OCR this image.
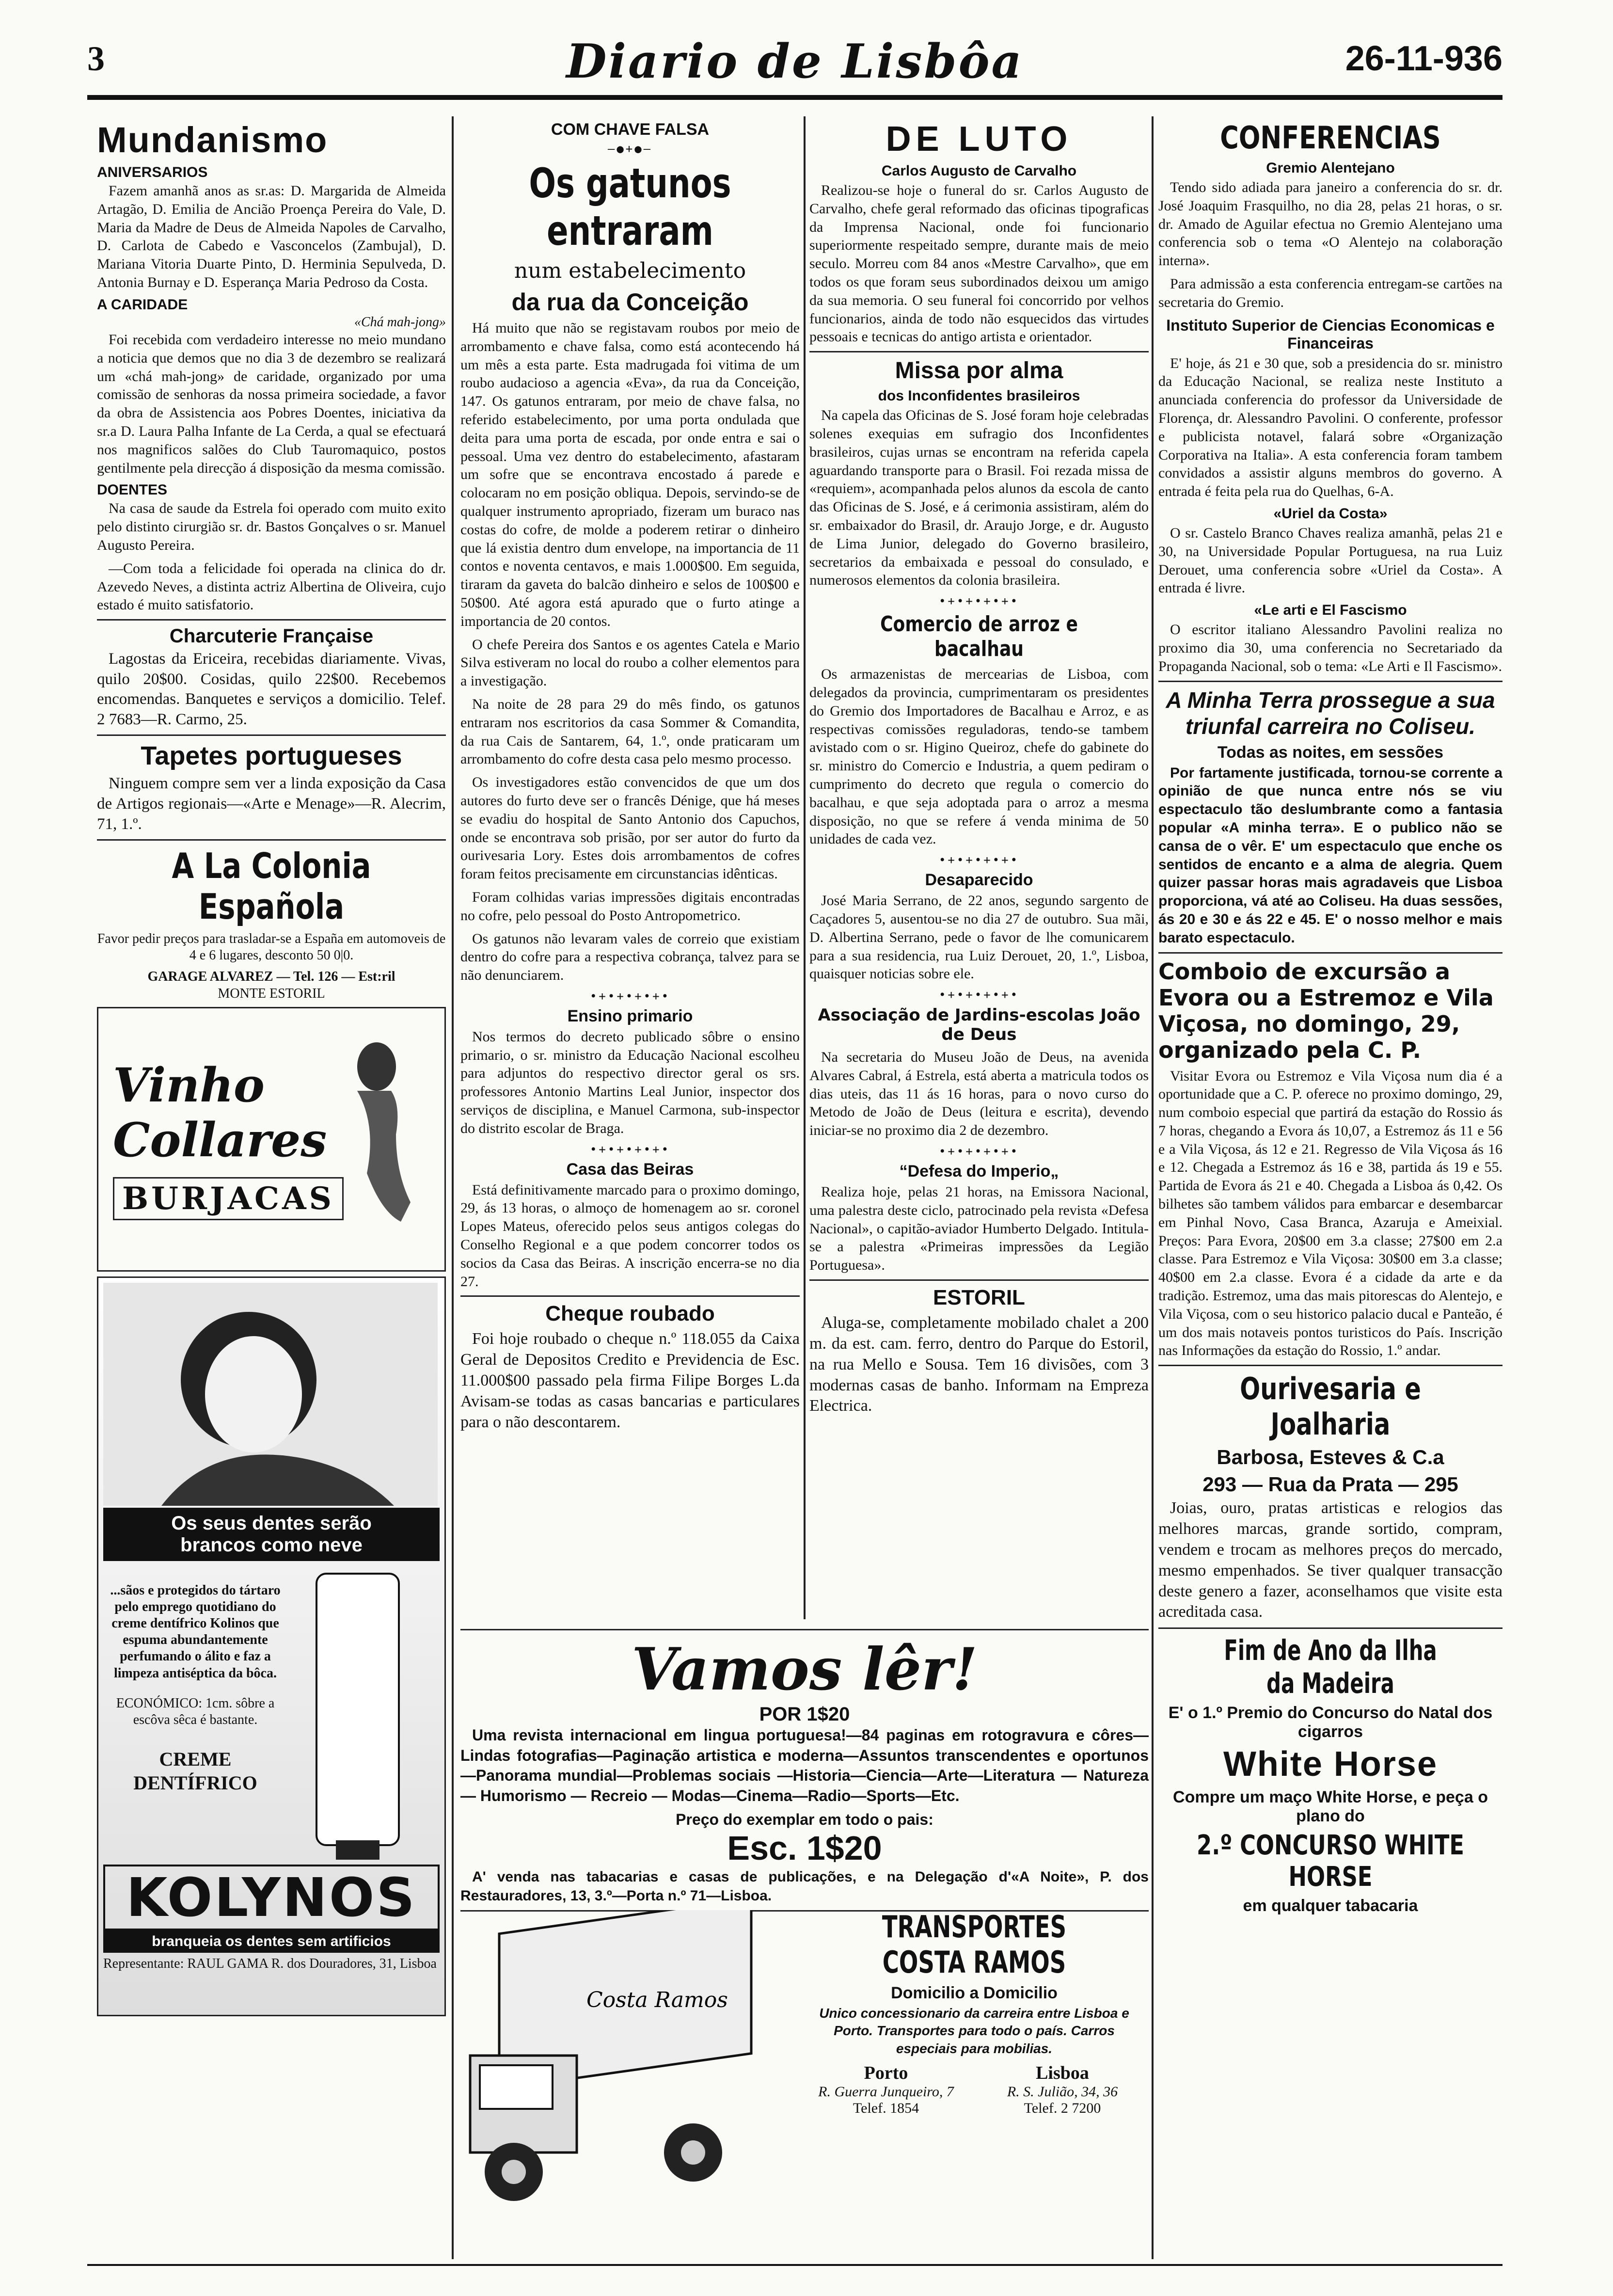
3	Diario de Lisbôa	26-11-936
Mundanismo
ANIVERSARIOS

Fazem amanhã anos as sr.as: D. Margarida de Almeida Artagão, D. Emilia de Ancião Proença Pereira do Vale, D. Maria da Madre de Deus de Almeida Napoles de Carvalho, D. Carlota de Cabedo e Vasconcelos (Zambujal), D. Mariana Vitoria Duarte Pinto, D. Herminia Sepulveda, D. Antonia Burnay e D. Esperança Maria Pedroso da Costa.

A CARIDADE
«Chá mah-jong»

Foi recebida com verdadeiro interesse no meio mundano a noticia que demos que no dia 3 de dezembro se realizará um «chá mah-jong» de caridade, organizado por uma comissão de senhoras da nossa primeira sociedade, a favor da obra de Assistencia aos Pobres Doentes, iniciativa da sr.a D. Laura Palha Infante de La Cerda, a qual se efectuará nos magnificos salões do Club Tauromaquico, postos gentilmente pela direcção á disposição da mesma comissão.

DOENTES

Na casa de saude da Estrela foi operado com muito exito pelo distinto cirurgião sr. dr. Bastos Gonçalves o sr. Manuel Augusto Pereira.

—Com toda a felicidade foi operada na clinica do dr. Azevedo Neves, a distinta actriz Albertina de Oliveira, cujo estado é muito satisfatorio.

Charcuterie Française

Lagostas da Ericeira, recebidas diariamente. Vivas, quilo 20$00. Cosidas, quilo 22$00. Recebemos encomendas. Banquetes e serviços a domicilio. Telef. 2 7683—R. Carmo, 25.

Tapetes portugueses

Ninguem compre sem ver a linda exposição da Casa de Artigos regionais—«Arte e Menage»—R. Alecrim, 71, 1.º.

A La Colonia Española

Favor pedir preços para trasladar-se a España em automoveis de 4 e 6 lugares, desconto 50 0|0.

GARAGE ALVAREZ — Tel. 126 — Est:ril
MONTE ESTORIL
Vinho
Collares
BURJACAS
Os seus dentes serão
brancos como neve

...sãos e protegidos do tártaro pelo emprego quotidiano do creme dentífrico Kolinos que espuma abundantemente perfumando o álito e faz a limpeza antiséptica da bôca.

ECONÓMICO: 1cm. sôbre a escôva sêca é bastante.

CREME DENTÍFRICO

KOLYNOS
branqueia os dentes sem artificios
Representante: RAUL GAMA R. dos Douradores, 31, Lisboa
COM CHAVE FALSA
—●+●—
Os gatunos entraram
num estabelecimento
da rua da Conceição

Há muito que não se registavam roubos por meio de arrombamento e chave falsa, como está acontecendo há um mês a esta parte. Esta madrugada foi vitima de um roubo audacioso a agencia «Eva», da rua da Conceição, 147. Os gatunos entraram, por meio de chave falsa, no referido estabelecimento, por uma porta ondulada que deita para uma porta de escada, por onde entra e sai o pessoal. Uma vez dentro do estabelecimento, afastaram um sofre que se encontrava encostado á parede e colocaram no em posição obliqua. Depois, servindo-se de qualquer instrumento apropriado, fizeram um buraco nas costas do cofre, de molde a poderem retirar o dinheiro que lá existia dentro dum envelope, na importancia de 11 contos e noventa centavos, e mais 1.000$00. Em seguida, tiraram da gaveta do balcão dinheiro e selos de 100$00 e 50$00. Até agora está apurado que o furto atinge a importancia de 20 contos.

O chefe Pereira dos Santos e os agentes Catela e Mario Silva estiveram no local do roubo a colher elementos para a investigação.

Na noite de 28 para 29 do mês findo, os gatunos entraram nos escritorios da casa Sommer & Comandita, da rua Cais de Santarem, 64, 1.º, onde praticaram um arrombamento do cofre desta casa pelo mesmo processo.

Os investigadores estão convencidos de que um dos autores do furto deve ser o francês Dénige, que há meses se evadiu do hospital de Santo Antonio dos Capuchos, onde se encontrava sob prisão, por ser autor do furto da ourivesaria Lory. Estes dois arrombamentos de cofres foram feitos precisamente em circunstancias idênticas.

Foram colhidas varias impressões digitais encontradas no cofre, pelo pessoal do Posto Antropometrico.

Os gatunos não levaram vales de correio que existiam dentro do cofre para a respectiva cobrança, talvez para se não denunciarem.

•+•+•+•+•
Ensino primario

Nos termos do decreto publicado sôbre o ensino primario, o sr. ministro da Educação Nacional escolheu para adjuntos do respectivo director geral os srs. professores Antonio Martins Leal Junior, inspector dos serviços de disciplina, e Manuel Carmona, sub-inspector do distrito escolar de Braga.

•+•+•+•+•
Casa das Beiras

Está definitivamente marcado para o proximo domingo, 29, ás 13 horas, o almoço de homenagem ao sr. coronel Lopes Mateus, oferecido pelos seus antigos colegas do Conselho Regional e a que podem concorrer todos os socios da Casa das Beiras. A inscrição encerra-se no dia 27.

Cheque roubado

Foi hoje roubado o cheque n.º 118.055 da Caixa Geral de Depositos Credito e Previdencia de Esc. 11.000$00 passado pela firma Filipe Borges L.da Avisam-se todas as casas bancarias e particulares para o não descontarem.

DE LUTO
Carlos Augusto de Carvalho

Realizou-se hoje o funeral do sr. Carlos Augusto de Carvalho, chefe geral reformado das oficinas tipograficas da Imprensa Nacional, onde foi funcionario superiormente respeitado sempre, durante mais de meio seculo. Morreu com 84 anos «Mestre Carvalho», que em todos os que foram seus subordinados deixou um amigo da sua memoria. O seu funeral foi concorrido por velhos funcionarios, ainda de todo não esquecidos das virtudes pessoais e tecnicas do antigo artista e orientador.

Missa por alma
dos Inconfidentes brasileiros

Na capela das Oficinas de S. José foram hoje celebradas solenes exequias em sufragio dos Inconfidentes brasileiros, cujas urnas se encontram na referida capela aguardando transporte para o Brasil. Foi rezada missa de «requiem», acompanhada pelos alunos da escola de canto das Oficinas de S. José, e á cerimonia assistiram, além do sr. embaixador do Brasil, dr. Araujo Jorge, e dr. Augusto de Lima Junior, delegado do Governo brasileiro, secretarios da embaixada e pessoal do consulado, e numerosos elementos da colonia brasileira.

•+•+•+•+•
Comercio de arroz e bacalhau

Os armazenistas de mercearias de Lisboa, com delegados da provincia, cumprimentaram os presidentes do Gremio dos Importadores de Bacalhau e Arroz, e as respectivas comissões reguladoras, tendo-se tambem avistado com o sr. Higino Queiroz, chefe do gabinete do sr. ministro do Comercio e Industria, a quem pediram o cumprimento do decreto que regula o comercio do bacalhau, e que seja adoptada para o arroz a mesma disposição, no que se refere á venda minima de 50 unidades de cada vez.

•+•+•+•+•
Desaparecido

José Maria Serrano, de 22 anos, segundo sargento de Caçadores 5, ausentou-se no dia 27 de outubro. Sua mãi, D. Albertina Serrano, pede o favor de lhe comunicarem para a sua residencia, rua Luiz Derouet, 20, 1.º, Lisboa, quaisquer noticias sobre ele.

•+•+•+•+•
Associação de Jardins-escolas João de Deus

Na secretaria do Museu João de Deus, na avenida Alvares Cabral, á Estrela, está aberta a matricula todos os dias uteis, das 11 ás 16 horas, para o novo curso do Metodo de João de Deus (leitura e escrita), devendo iniciar-se no proximo dia 2 de dezembro.

•+•+•+•+•
“Defesa do Imperio„

Realiza hoje, pelas 21 horas, na Emissora Nacional, uma palestra deste ciclo, patrocinado pela revista «Defesa Nacional», o capitão-aviador Humberto Delgado. Intitula-se a palestra «Primeiras impressões da Legião Portuguesa».

ESTORIL

Aluga-se, completamente mobilado chalet a 200 m. da est. cam. ferro, dentro do Parque do Estoril, na rua Mello e Sousa. Tem 16 divisões, com 3 modernas casas de banho. Informam na Empreza Electrica.

CONFERENCIAS
Gremio Alentejano

Tendo sido adiada para janeiro a conferencia do sr. dr. José Joaquim Frasquilho, no dia 28, pelas 21 horas, o sr. dr. Amado de Aguilar efectua no Gremio Alentejano uma conferencia sob o tema «O Alentejo na colaboração interna».

Para admissão a esta conferencia entregam-se cartões na secretaria do Gremio.

Instituto Superior de Ciencias Economicas e Financeiras

E' hoje, ás 21 e 30 que, sob a presidencia do sr. ministro da Educação Nacional, se realiza neste Instituto a anunciada conferencia do professor da Universidade de Florença, dr. Alessandro Pavolini. O conferente, professor e publicista notavel, falará sobre «Organização Corporativa na Italia». A esta conferencia foram tambem convidados a assistir alguns membros do governo. A entrada é feita pela rua do Quelhas, 6-A.

«Uriel da Costa»

O sr. Castelo Branco Chaves realiza amanhã, pelas 21 e 30, na Universidade Popular Portuguesa, na rua Luiz Derouet, uma conferencia sobre «Uriel da Costa». A entrada é livre.

«Le arti e El Fascismo

O escritor italiano Alessandro Pavolini realiza no proximo dia 30, uma conferencia no Secretariado da Propaganda Nacional, sob o tema: «Le Arti e Il Fascismo».

A Minha Terra prossegue a sua triunfal carreira no Coliseu.
Todas as noites, em sessões

Por fartamente justificada, tornou-se corrente a opinião de que nunca entre nós se viu espectaculo tão deslumbrante como a fantasia popular «A minha terra». E o publico não se cansa de o vêr. E' um espectaculo que enche os sentidos de encanto e a alma de alegria. Quem quizer passar horas mais agradaveis que Lisboa proporciona, vá até ao Coliseu. Ha duas sessões, ás 20 e 30 e ás 22 e 45. E' o nosso melhor e mais barato espectaculo.

Comboio de excursão a Evora ou a Estremoz e Vila Viçosa, no domingo, 29, organizado pela C. P.

Visitar Evora ou Estremoz e Vila Viçosa num dia é a oportunidade que a C. P. oferece no proximo domingo, 29, num comboio especial que partirá da estação do Rossio ás 7 horas, chegando a Evora ás 10,07, a Estremoz ás 11 e 56 e a Vila Viçosa, ás 12 e 21. Regresso de Vila Viçosa ás 16 e 12. Chegada a Estremoz ás 16 e 38, partida ás 19 e 55. Partida de Evora ás 21 e 40. Chegada a Lisboa ás 0,42. Os bilhetes são tambem válidos para embarcar e desembarcar em Pinhal Novo, Casa Branca, Azaruja e Ameixial. Preços: Para Evora, 20$00 em 3.a classe; 27$00 em 2.a classe. Para Estremoz e Vila Viçosa: 30$00 em 3.a classe; 40$00 em 2.a classe. Evora é a cidade da arte e da tradição. Estremoz, uma das mais pitorescas do Alentejo, e Vila Viçosa, com o seu historico palacio ducal e Panteão, é um dos mais notaveis pontos turisticos do País. Inscrição nas Informações da estação do Rossio, 1.º andar.

Ourivesaria e Joalharia
Barbosa, Esteves & C.a
293 — Rua da Prata — 295

Joias, ouro, pratas artisticas e relogios das melhores marcas, grande sortido, compram, vendem e trocam as melhores preços do mercado, mesmo empenhados. Se tiver qualquer transacção deste genero a fazer, aconselhamos que visite esta acreditada casa.

Fim de Ano da Ilha da Madeira
E' o 1.º Premio do Concurso do Natal dos cigarros
White Horse
Compre um maço White Horse, e peça o plano do
2.º CONCURSO WHITE HORSE
em qualquer tabacaria
Vamos lêr!
POR 1$20

Uma revista internacional em lingua portuguesa!—84 paginas em rotogravura e côres—Lindas fotografias—Paginação artistica e moderna—Assuntos transcendentes e oportunos—Panorama mundial—Problemas sociais —Historia—Ciencia—Arte—Literatura — Natureza — Humorismo — Recreio — Modas—Cinema—Radio—Sports—Etc.

Preço do exemplar em todo o pais:
Esc. 1$20

A' venda nas tabacarias e casas de publicações, e na Delegação d'«A Noite», P. dos Restauradores, 13, 3.º—Porta n.º 71—Lisboa.

Costa Ramos
TRANSPORTES COSTA RAMOS
Domicilio a Domicilio

Unico concessionario da carreira entre Lisboa e Porto. Transportes para todo o país. Carros especiais para mobilias.

Porto
R. Guerra Junqueiro, 7
Telef. 1854
Lisboa
R. S. Julião, 34, 36
Telef. 2 7200
